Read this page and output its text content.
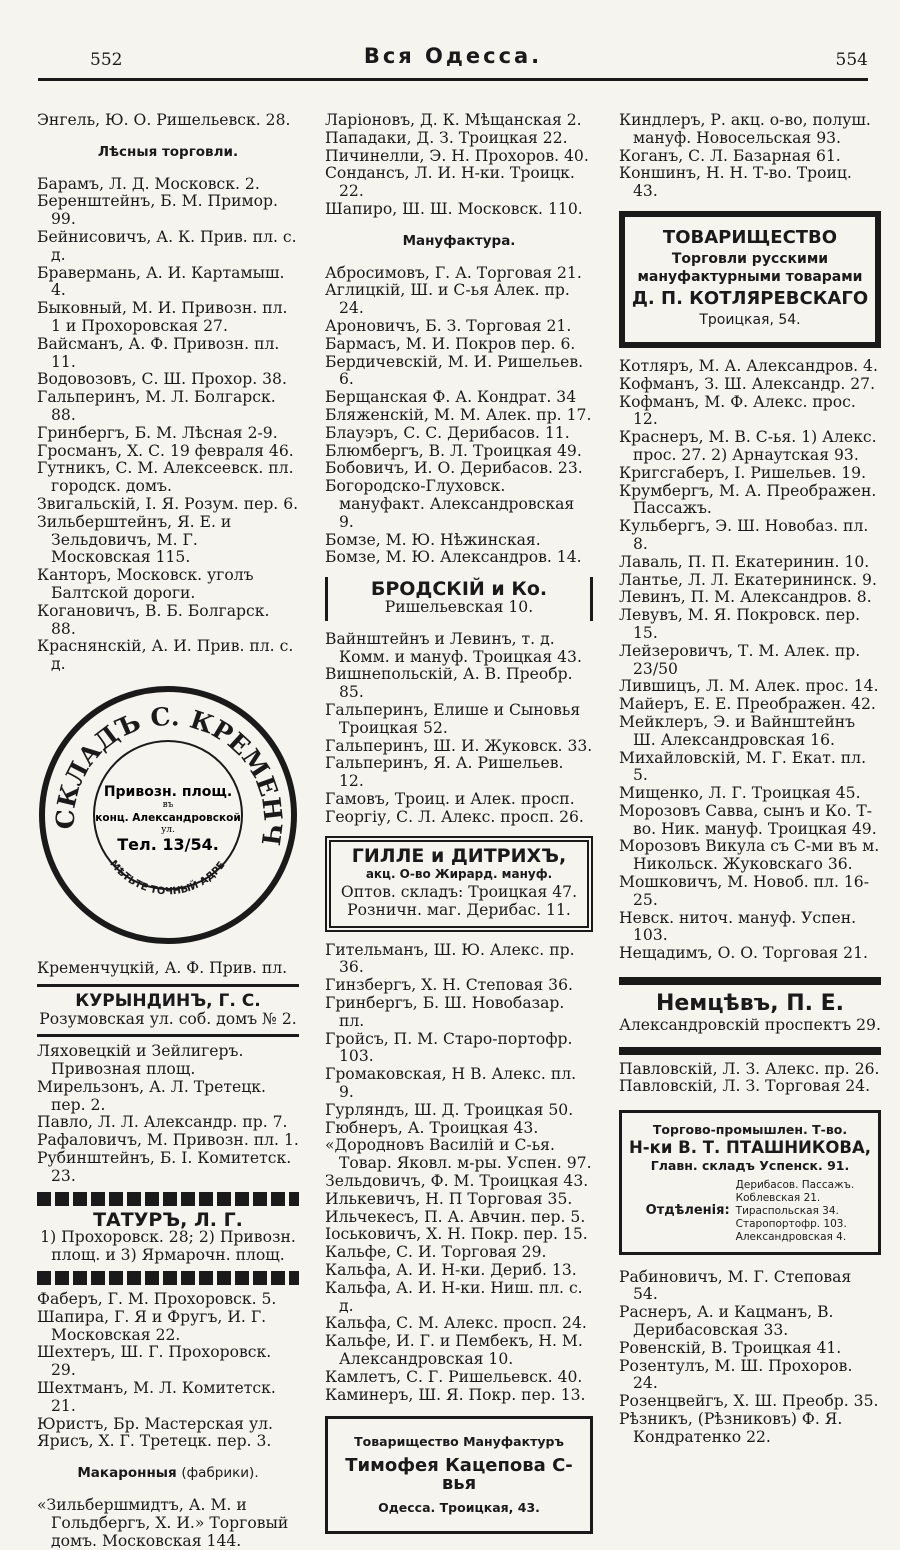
552	Вся Одесса.	554

Энгель, Ю. О. Ришельевск. 28.

Лѣсныя торговли.

Барамъ, Л. Д. Московск. 2.

Беренштейнъ, Б. М. Примор. 99.

Бейнисовичъ, А. К. Прив. пл. с. д.

Бравермань, А. И. Картамыш. 4.

Быковный, М. И. Привозн. пл. 1 и Прохоровская 27.

Вайсманъ, А. Ф. Привозн. пл. 11.

Водовозовъ, С. Ш. Прохор. 38.

Гальперинъ, М. Л. Болгарск. 88.

Гринбергъ, Б. М. Лѣсная 2-9.

Гросманъ, Х. С. 19 февраля 46.

Гутникъ, С. М. Алексеевск. пл. городск. домъ.

Звигальскій, І. Я. Розум. пер. 6.

Зильберштейнъ, Я. Е. и Зельдовичъ, М. Г. Московская 115.

Канторъ, Московск. уголъ Балтской дороги.

Когановичъ, В. Б. Болгарск. 88.

Краснянскій, А. И. Прив. пл. с. д.

СКЛАДЪ С. КРЕМЕНЧ
МѢТЬТЕ ТОЧНЫЙ АДРЕ
Привозн. площ.
въ
конц. Александровской
ул.
Тел. 13/54.

Кременчуцкій, А. Ф. Прив. пл.

КУРЫНДИНЪ, Г. С.
Розумовская ул. соб. домъ № 2.

Ляховецкій и Зейлигеръ. Привозная площ.

Мирельзонъ, А. Л. Третецк. пер. 2.

Павло, Л. Л. Александр. пр. 7.

Рафаловичъ, М. Привозн. пл. 1.

Рубинштейнъ, Б. І. Комитетск. 23.

ТАТУРЪ, Л. Г.
1) Прохоровск. 28; 2) Привозн. площ. и 3) Ярмарочн. площ.

Фаберъ, Г. М. Прохоровск. 5.

Шапира, Г. Я и Фругъ, И. Г. Московская 22.

Шехтеръ, Ш. Г. Прохоровск. 29.

Шехтманъ, М. Л. Комитетск. 21.

Юристъ, Бр. Мастерская ул.

Ярисъ, Х. Г. Третецк. пер. 3.

Макаронныя (фабрики).

«Зильбершмидтъ, А. М. и Гольдбергъ, Х. И.» Торговый домъ. Московская 144.

Ларіоновъ, Д. К. Мѣщанская 2.

Пападаки, Д. З. Троицкая 22.

Пичинелли, Э. Н. Прохоров. 40.

Сондансъ, Л. И. Н-ки. Троицк. 22.

Шапиро, Ш. Ш. Московск. 110.

Мануфактура.

Абросимовъ, Г. А. Торговая 21.

Аглицкій, Ш. и С-ья Алек. пр. 24.

Ароновичъ, Б. З. Торговая 21.

Бармасъ, М. И. Покров пер. 6.

Бердичевскій, М. И. Ришельев. 6.

Берщанская Ф. А. Кондрат. 34

Бляженскій, М. М. Алек. пр. 17.

Блауэръ, С. С. Дерибасов. 11.

Блюмбергъ, В. Л. Троицкая 49.

Бобовичъ, И. О. Дерибасов. 23.

Богородско-Глуховск. мануфакт. Александровская 9.

Бомзе, М. Ю. Нѣжинская.

Бомзе, М. Ю. Александров. 14.

БРОДСКІЙ и Ко.
Ришельевская 10.

Вайнштейнъ и Левинъ, т. д. Комм. и мануф. Троицкая 43.

Вишнепольскій, А. В. Преобр. 85.

Гальперинъ, Елише и Сыновья Троицкая 52.

Гальперинъ, Ш. И. Жуковск. 33.

Гальперинъ, Я. А. Ришельев. 12.

Гамовъ, Троиц. и Алек. просп.

Георгіу, С. Л. Алекс. просп. 26.

ГИЛЛЕ и ДИТРИХЪ,
акц. О-во Жирард. мануф.
Оптов. складъ: Троицкая 47.
Розничн. маг. Дерибас. 11.

Гительманъ, Ш. Ю. Алекс. пр. 36.

Гинзбергъ, Х. Н. Степовая 36.

Гринбергъ, Б. Ш. Новобазар. пл.

Гройсъ, П. М. Старо-портофр. 103.

Громаковская, Н В. Алекс. пл. 9.

Гурляндъ, Ш. Д. Троицкая 50.

Гюбнеръ, А. Троицкая 43.

«Дородновъ Василій и С-ья. Товар. Яковл. м-ры. Успен. 97.

Зельдовичъ, Ф. М. Троицкая 43.

Илькевичъ, Н. П Торговая 35.

Ильчекесъ, П. А. Авчин. пер. 5.

Іоськовичъ, Х. Н. Покр. пер. 15.

Кальфе, С. И. Торговая 29.

Кальфа, А. И. Н-ки. Дериб. 13.

Кальфа, А. И. Н-ки. Ниш. пл. с. д.

Кальфа, С. М. Алекс. просп. 24.

Кальфе, И. Г. и Пембекъ, Н. М. Александровская 10.

Камлетъ, С. Г. Ришельевск. 40.

Каминеръ, Ш. Я. Покр. пер. 13.

Товарищество Мануфактуръ
Тимофея Кацепова С-вья
Одесса. Троицкая, 43.

Киндлеръ, Р. акц. о-во, полуш. мануф. Новосельская 93.

Коганъ, С. Л. Базарная 61.

Коншинъ, Н. Н. Т-во. Троиц. 43.

ТОВАРИЩЕСТВО
Торговли русскими мануфактурными товарами
Д. П. КОТЛЯРЕВСКАГО
Троицкая, 54.

Котляръ, М. А. Александров. 4.

Кофманъ, З. Ш. Александр. 27.

Кофманъ, М. Ф. Алекс. прос. 12.

Краснеръ, М. В. С-ья. 1) Алекс. прос. 27. 2) Арнаутская 93.

Кригсгаберъ, І. Ришельев. 19.

Крумбергъ, М. А. Преображен. Пассажъ.

Кульбергъ, Э. Ш. Новобаз. пл. 8.

Лаваль, П. П. Екатеринин. 10.

Лантье, Л. Л. Екатерининск. 9.

Левинъ, П. М. Александров. 8.

Левувъ, М. Я. Покровск. пер. 15.

Лейзеровичъ, Т. М. Алек. пр. 23/50

Лившицъ, Л. М. Алек. прос. 14.

Майеръ, Е. Е. Преображен. 42.

Мейклеръ, Э. и Вайнштейнъ Ш. Александровская 16.

Михайловскій, М. Г. Екат. пл. 5.

Мищенко, Л. Г. Троицкая 45.

Морозовъ Савва, сынъ и Ко. Т-во. Ник. мануф. Троицкая 49.

Морозовъ Викула съ С-ми въ м. Никольск. Жуковскаго 36.

Мошковичъ, М. Новоб. пл. 16-25.

Невск. ниточ. мануф. Успен. 103.

Нещадимъ, О. О. Торговая 21.

Немцѣвъ, П. Е.
Александровскій проспектъ 29.

Павловскій, Л. З. Алекс. пр. 26.

Павловскій, Л. З. Торговая 24.

Торгово-промышлен. Т-во.
Н-ки В. Т. ПТАШНИКОВА,
Главн. складъ Успенск. 91.
Отдѣленія:
Дерибасов. Пассажъ.
Коблевская 21.
Тираспольская 34.
Старопортофр. 103.
Александровская 4.

Рабиновичъ, М. Г. Степовая 54.

Раснеръ, А. и Кацманъ, В. Дерибасовская 33.

Ровенскій, В. Троицкая 41.

Розентулъ, М. Ш. Прохоров. 24.

Розенцвейгъ, Х. Ш. Преобр. 35.

Рѣзникъ, (Рѣзниковъ) Ф. Я. Кондратенко 22.
